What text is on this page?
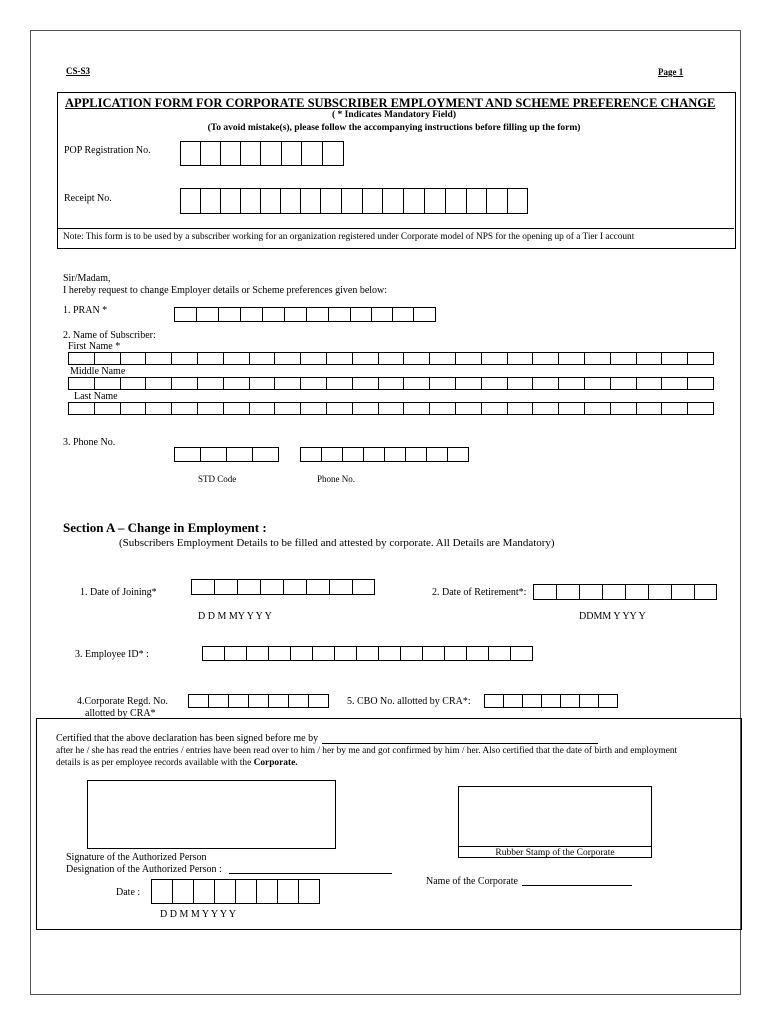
CS-S3	Page 1
APPLICATION FORM FOR CORPORATE SUBSCRIBER EMPLOYMENT AND SCHEME PREFERENCE CHANGE
( * Indicates Mandatory Field)
(To avoid mistake(s), please follow the accompanying instructions before filling up the form)
POP Registration No.
Receipt No.
Note: This form is to be used by a subscriber working for an organization registered under Corporate model of NPS for the opening up of a Tier I account
Sir/Madam,
I hereby request to change Employer details or Scheme preferences given below:
1. PRAN *
2. Name of Subscriber:
First Name *
Middle Name
Last Name
3. Phone No.
STD Code	Phone No.
Section A – Change in Employment :
(Subscribers Employment Details to be filled and attested by corporate. All Details are Mandatory)
1. Date of Joining*
D D M MY Y Y Y
2. Date of Retirement*:
DDMM Y YY Y
3. Employee ID* :
4.Corporate Regd. No.
allotted by CRA*
5. CBO No. allotted by CRA*:
Certified that the above declaration has been signed before me by
after he / she has read the entries / entries have been read over to him / her by me and got confirmed by him / her. Also certified that the date of birth and employment
details is as per employee records available with the Corporate.
Rubber Stamp of the Corporate
Signature of the Authorized Person
Designation of the Authorized Person :
Name of the Corporate
Date :
D D M M Y Y Y Y
